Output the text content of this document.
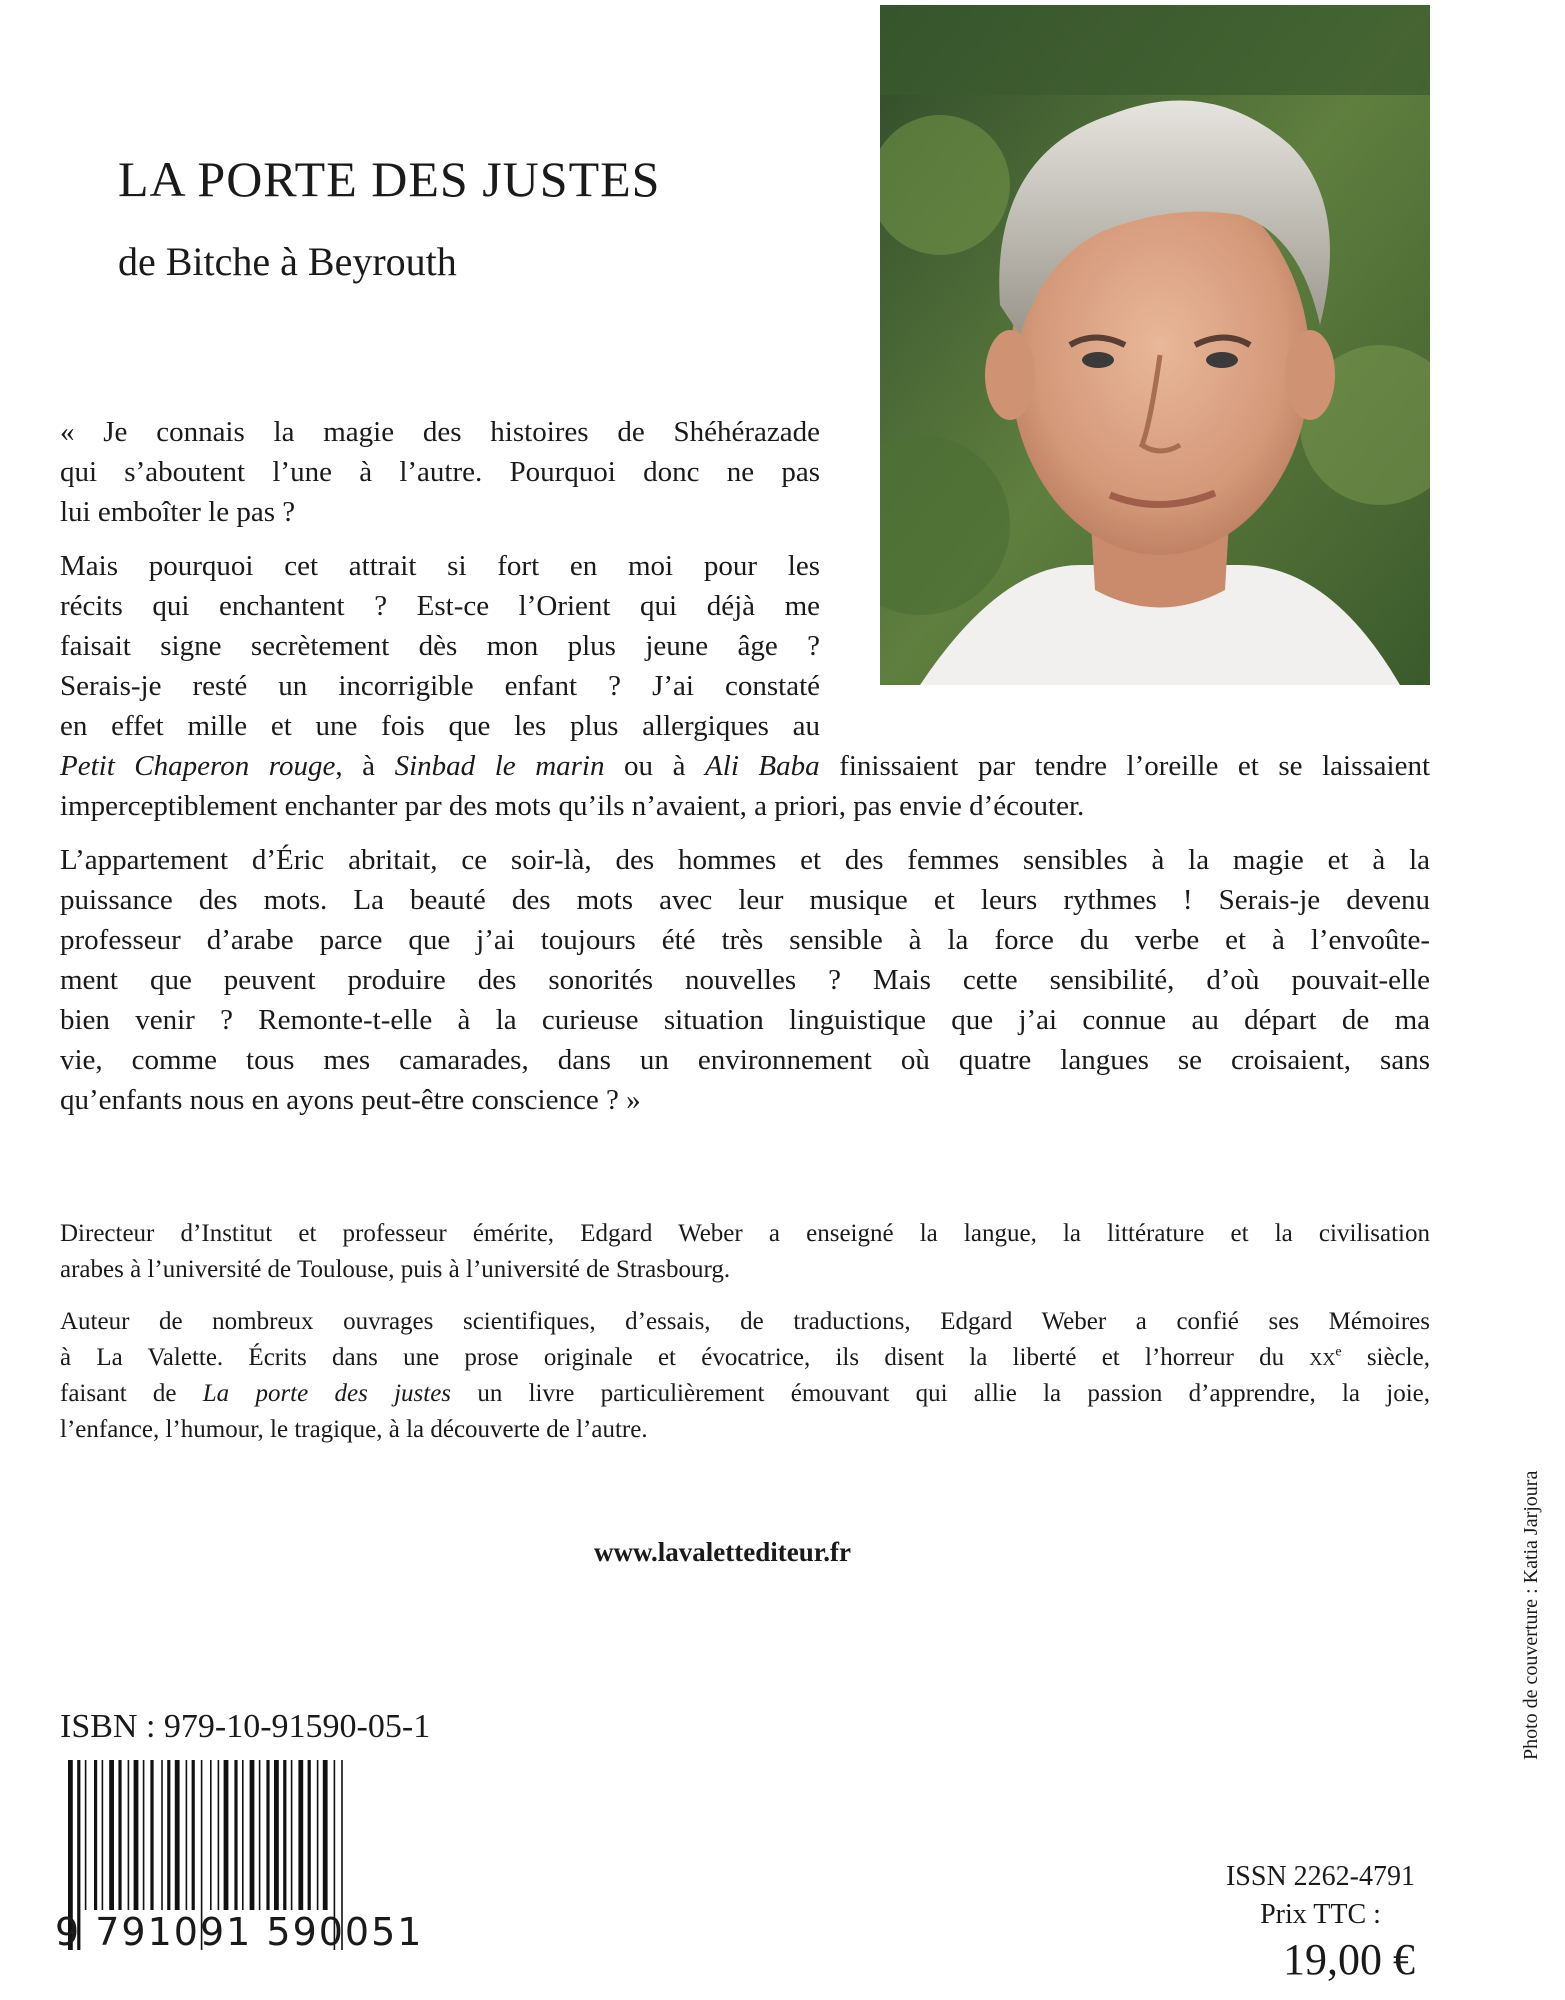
LA PORTE DES JUSTES
de Bitche à Beyrouth

« Je connais la magie des histoires de Shéhérazade
qui s’aboutent l’une à l’autre. Pourquoi donc ne pas
lui emboîter le pas ?

Mais pourquoi cet attrait si fort en moi pour les
récits qui enchantent ? Est-ce l’Orient qui déjà me
faisait signe secrètement dès mon plus jeune âge ?
Serais-je resté un incorrigible enfant ? J’ai constaté
en effet mille et une fois que les plus allergiques au
Petit Chaperon rouge, à Sinbad le marin ou à Ali Baba finissaient par tendre l’oreille et se laissaient
imperceptiblement enchanter par des mots qu’ils n’avaient, a priori, pas envie d’écouter.

L’appartement d’Éric abritait, ce soir-là, des hommes et des femmes sensibles à la magie et à la
puissance des mots. La beauté des mots avec leur musique et leurs rythmes ! Serais-je devenu
professeur d’arabe parce que j’ai toujours été très sensible à la force du verbe et à l’envoûte-
ment que peuvent produire des sonorités nouvelles ? Mais cette sensibilité, d’où pouvait-elle
bien venir ? Remonte-t-elle à la curieuse situation linguistique que j’ai connue au départ de ma
vie, comme tous mes camarades, dans un environnement où quatre langues se croisaient, sans
qu’enfants nous en ayons peut-être conscience ? »

Directeur d’Institut et professeur émérite, Edgard Weber a enseigné la langue, la littérature et la civilisation
arabes à l’université de Toulouse, puis à l’université de Strasbourg.

Auteur de nombreux ouvrages scientifiques, d’essais, de traductions, Edgard Weber a confié ses Mémoires
à La Valette. Écrits dans une prose originale et évocatrice, ils disent la liberté et l’horreur du $xx^e$ siècle,
faisant de La porte des justes un livre particulièrement émouvant qui allie la passion d’apprendre, la joie,
l’enfance, l’humour, le tragique, à la découverte de l’autre.

www.lavalettediteur.fr
ISBN : 979-10-91590-05-1
9 791091 590051
ISSN 2262-4791
Prix TTC :
19,00 €
Photo de couverture : Katia Jarjoura
